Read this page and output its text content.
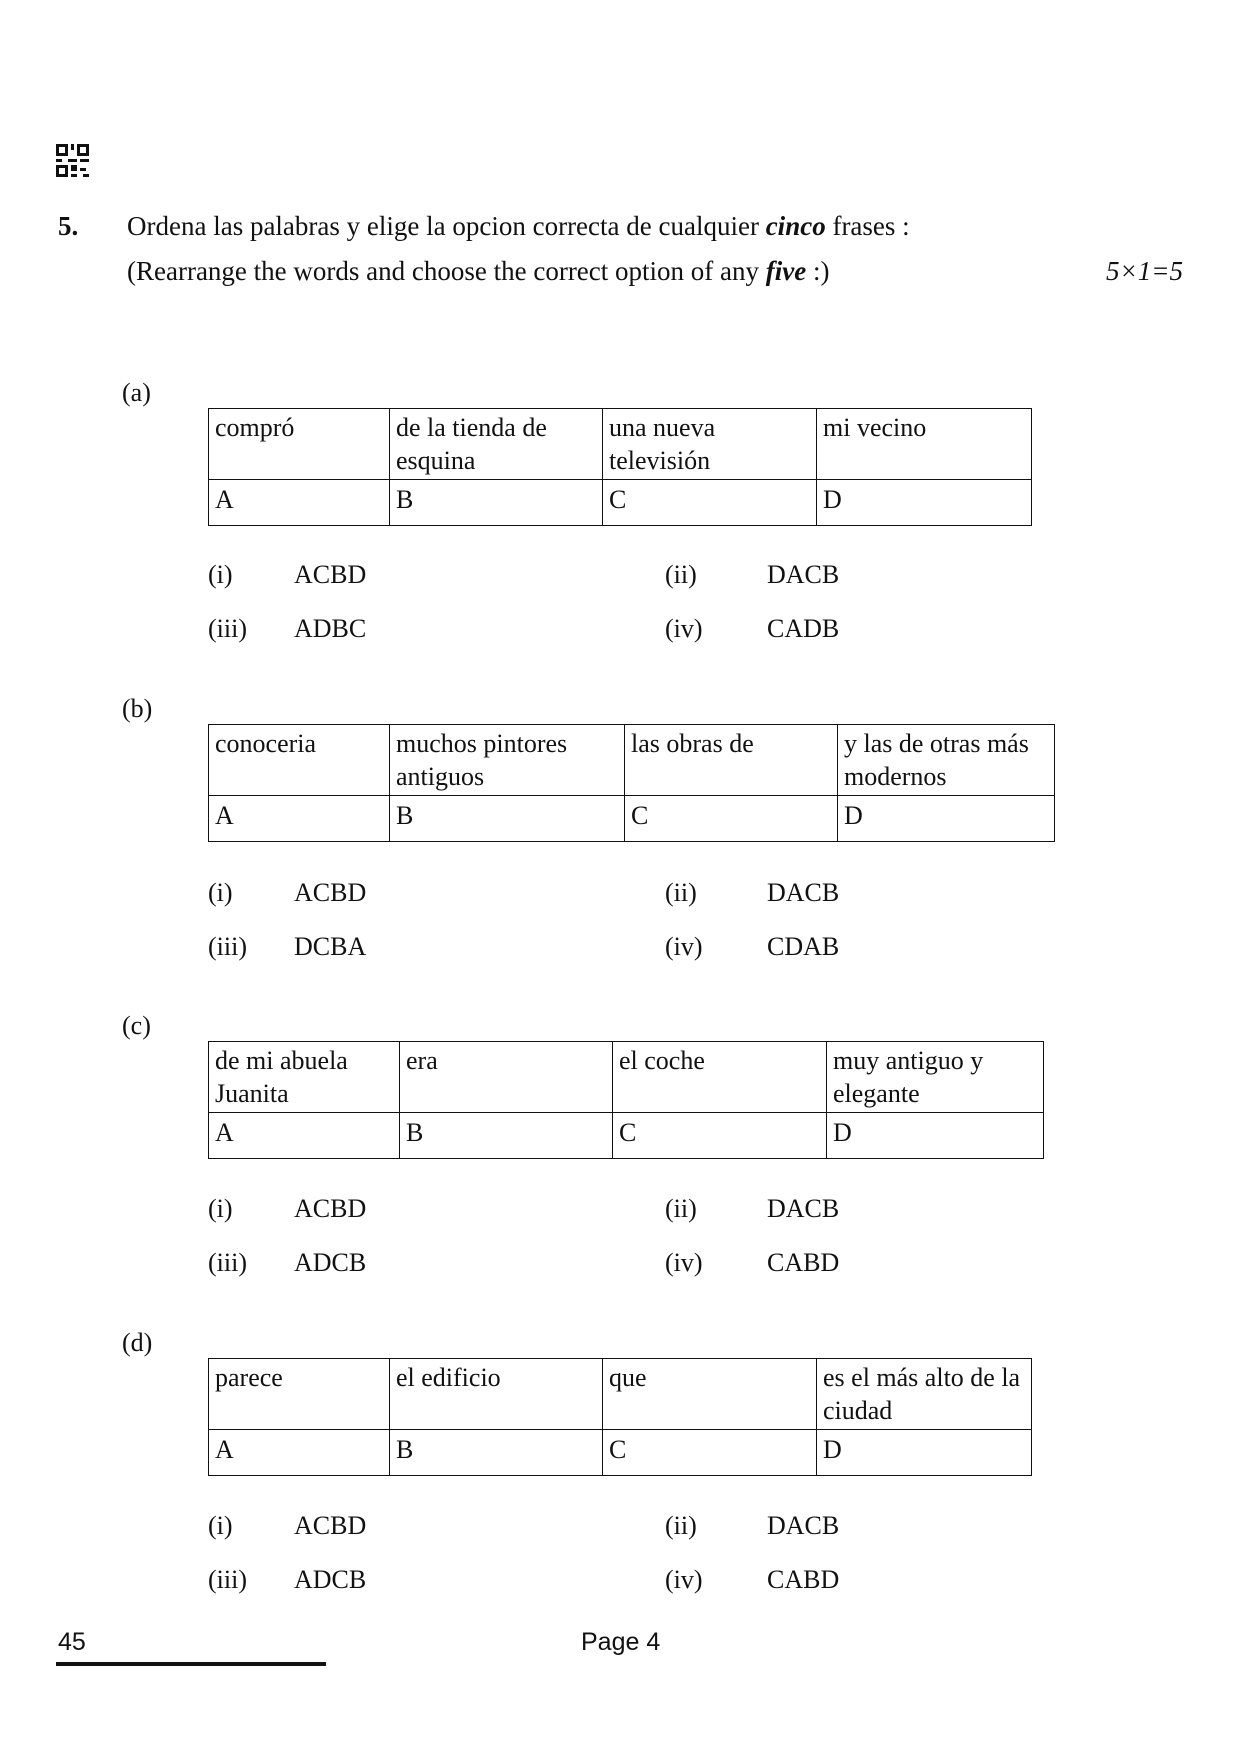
5. Ordena las palabras y elige la opcion correcta de cualquier cinco frases :
(Rearrange the words and choose the correct option of any five :)	5×1=5
(a)
compró	de la tienda de esquina	una nueva televisión	mi vecino
A	B	C	D
(i) ACBD	(ii)	DACB
(iii) ADBC	(iv) CADB
(b)
conoceria	muchos pintores antiguos	las obras de	y las de otras más modernos
A	B	C	D
(i) ACBD	(ii)	DACB
(iii) DCBA	(iv) CDAB
(c)
de mi abuela Juanita	era	el coche	muy antiguo y elegante
A	B	C	D
(i) ACBD	(ii)	DACB
(iii) ADCB	(iv) CABD
(d)
parece	el edificio	que	es el más alto de la ciudad
A	B	C	D
(i) ACBD	(ii)	DACB
(iii) ADCB	(iv) CABD
45	Page 4
